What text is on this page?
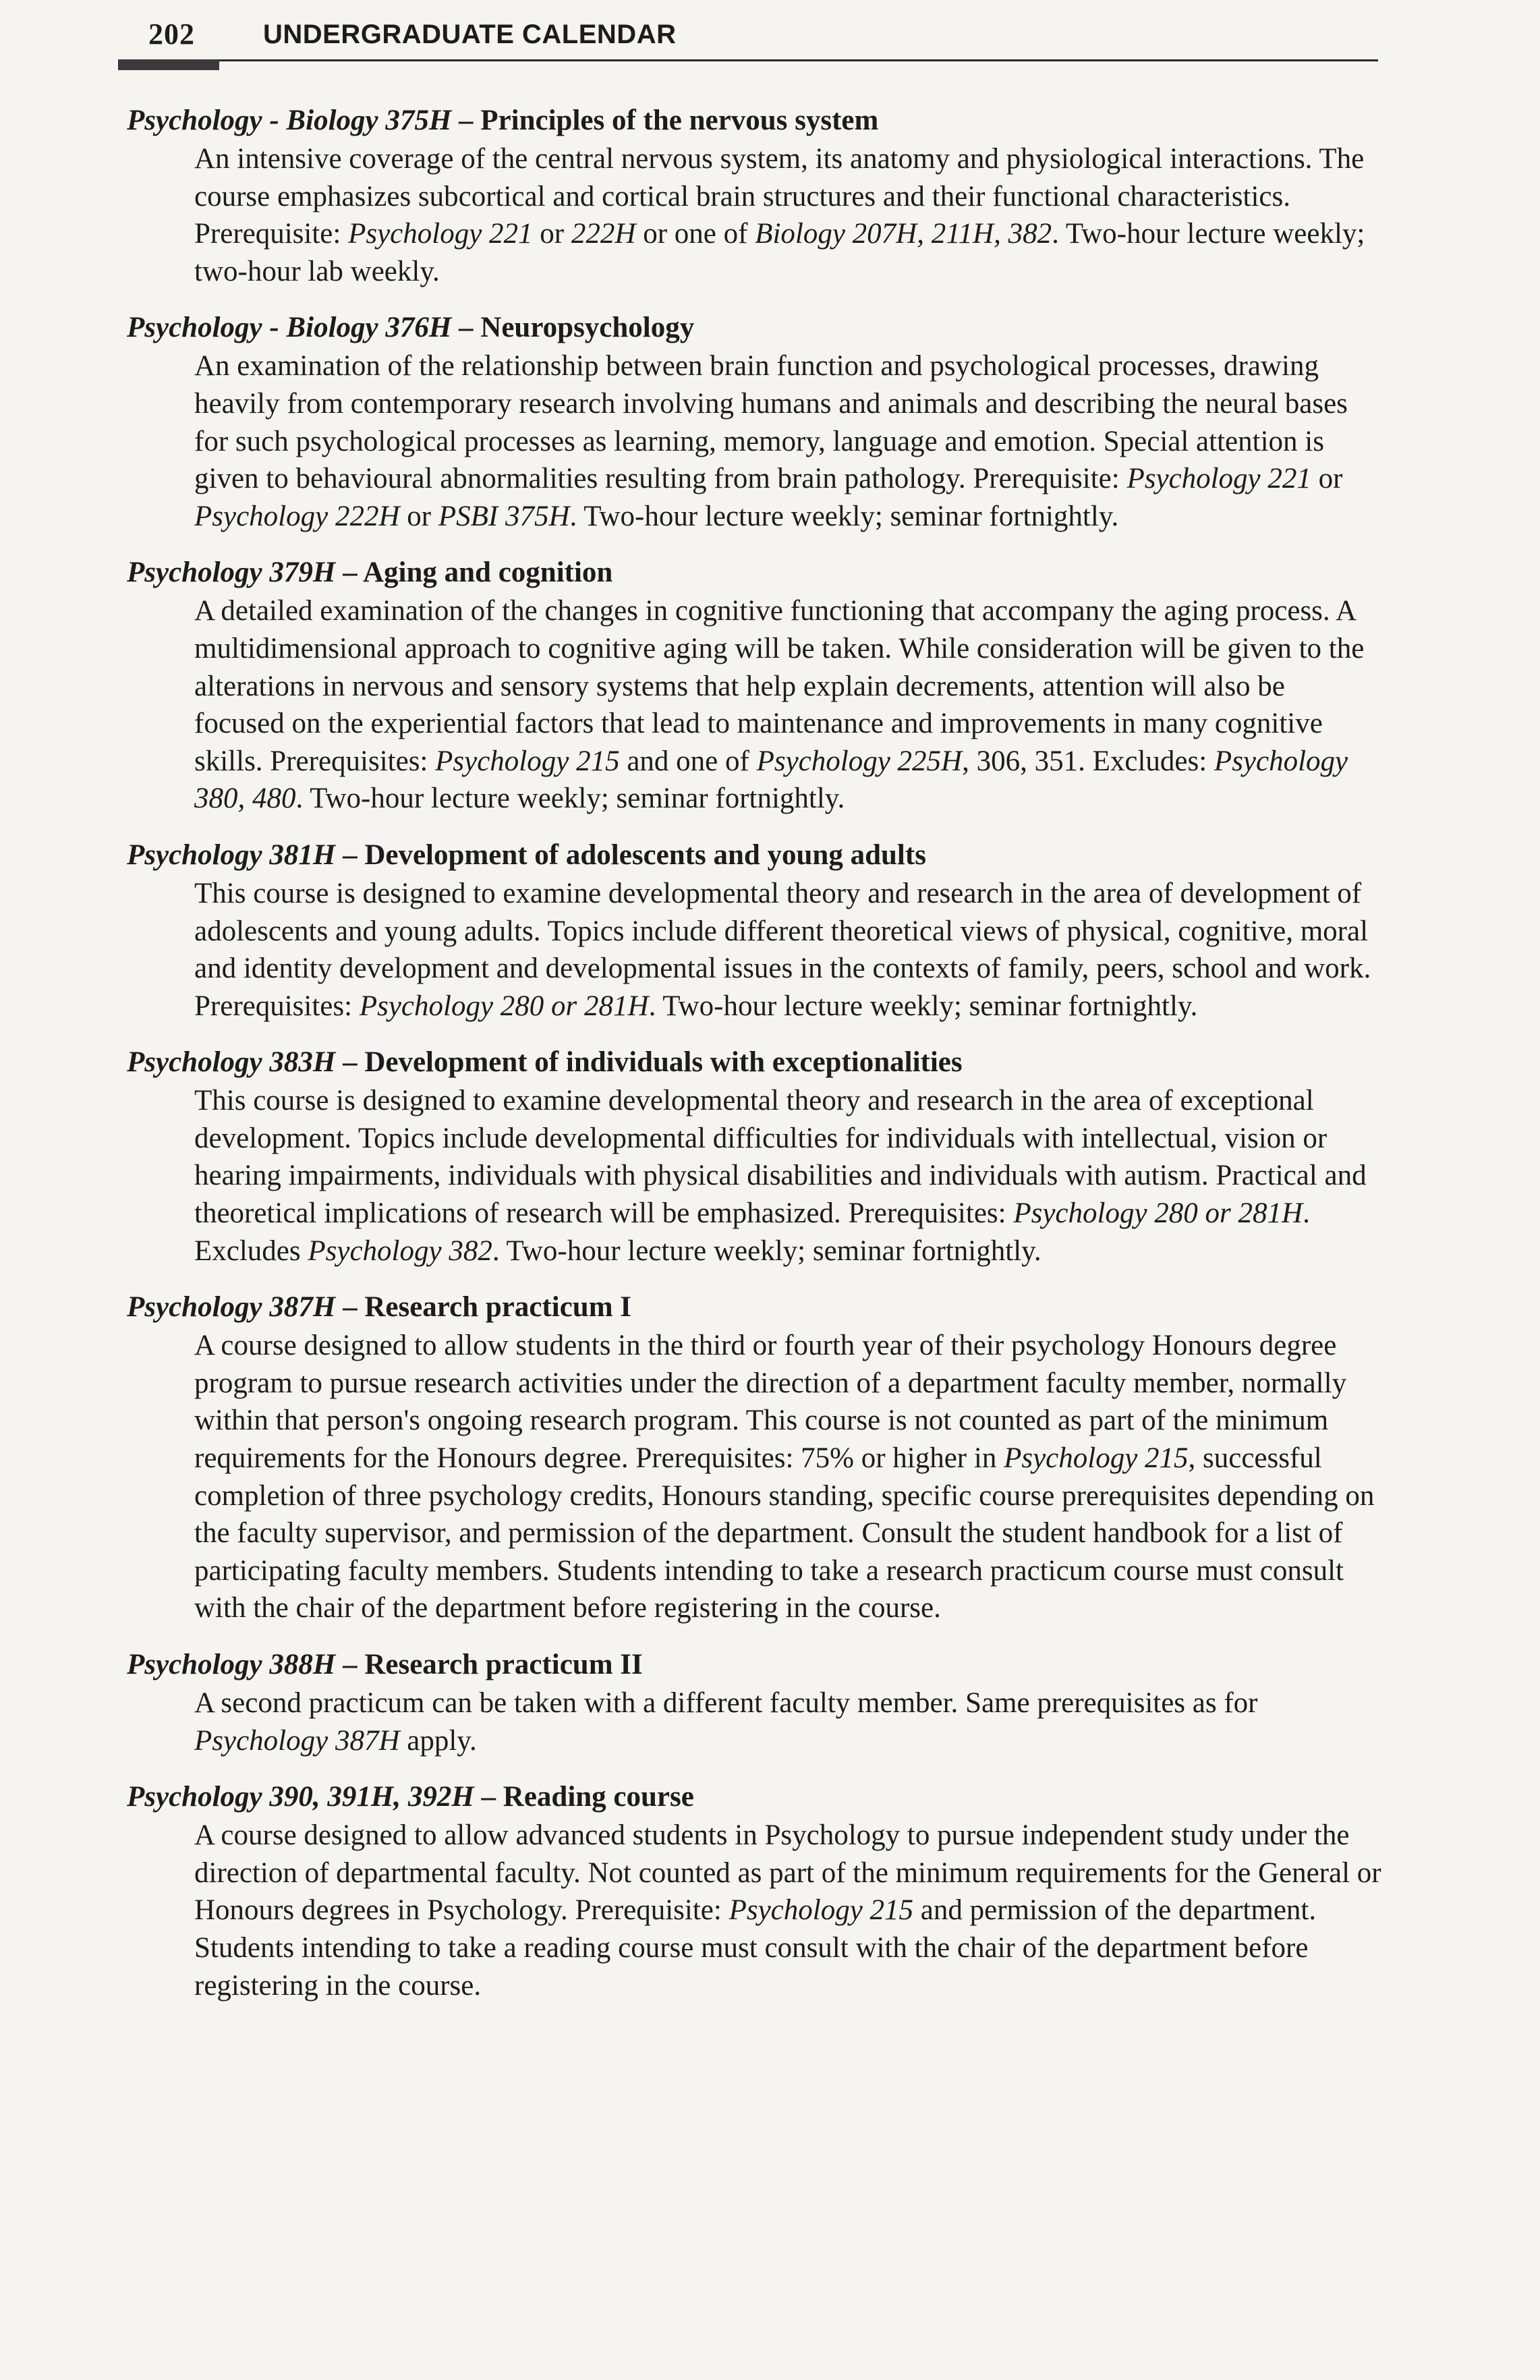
202	UNDERGRADUATE CALENDAR

Psychology - Biology 375H – Principles of the nervous system

An intensive coverage of the central nervous system, its anatomy and physiological interactions. The course emphasizes subcortical and cortical brain structures and their functional characteristics. Prerequisite: Psychology 221 or 222H or one of Biology 207H, 211H, 382. Two-hour lecture weekly; two-hour lab weekly.

Psychology - Biology 376H – Neuropsychology

An examination of the relationship between brain function and psychological processes, drawing heavily from contemporary research involving humans and animals and describing the neural bases for such psychological processes as learning, memory, language and emotion. Special attention is given to behavioural abnormalities resulting from brain pathology. Prerequisite: Psychology 221 or Psychology 222H or PSBI 375H. Two-hour lecture weekly; seminar fortnightly.

Psychology 379H – Aging and cognition

A detailed examination of the changes in cognitive functioning that accompany the aging process. A multidimensional approach to cognitive aging will be taken. While consideration will be given to the alterations in nervous and sensory systems that help explain decrements, attention will also be focused on the experiential factors that lead to maintenance and improvements in many cognitive skills. Prerequisites: Psychology 215 and one of Psychology 225H, 306, 351. Excludes: Psychology 380, 480. Two-hour lecture weekly; seminar fortnightly.

Psychology 381H – Development of adolescents and young adults

This course is designed to examine developmental theory and research in the area of development of adolescents and young adults. Topics include different theoretical views of physical, cognitive, moral and identity development and developmental issues in the contexts of family, peers, school and work. Prerequisites: Psychology 280 or 281H. Two-hour lecture weekly; seminar fortnightly.

Psychology 383H – Development of individuals with exceptionalities

This course is designed to examine developmental theory and research in the area of exceptional development. Topics include developmental difficulties for individuals with intellectual, vision or hearing impairments, individuals with physical disabilities and individuals with autism. Practical and theoretical implications of research will be emphasized. Prerequisites: Psychology 280 or 281H. Excludes Psychology 382. Two-hour lecture weekly; seminar fortnightly.

Psychology 387H – Research practicum I

A course designed to allow students in the third or fourth year of their psychology Honours degree program to pursue research activities under the direction of a department faculty member, normally within that person's ongoing research program. This course is not counted as part of the minimum requirements for the Honours degree. Prerequisites: 75% or higher in Psychology 215, successful completion of three psychology credits, Honours standing, specific course prerequisites depending on the faculty supervisor, and permission of the department. Consult the student handbook for a list of participating faculty members. Students intending to take a research practicum course must consult with the chair of the department before registering in the course.

Psychology 388H – Research practicum II

A second practicum can be taken with a different faculty member. Same prerequisites as for Psychology 387H apply.

Psychology 390, 391H, 392H – Reading course

A course designed to allow advanced students in Psychology to pursue independent study under the direction of departmental faculty. Not counted as part of the minimum requirements for the General or Honours degrees in Psychology. Prerequisite: Psychology 215 and permission of the department. Students intending to take a reading course must consult with the chair of the department before registering in the course.
